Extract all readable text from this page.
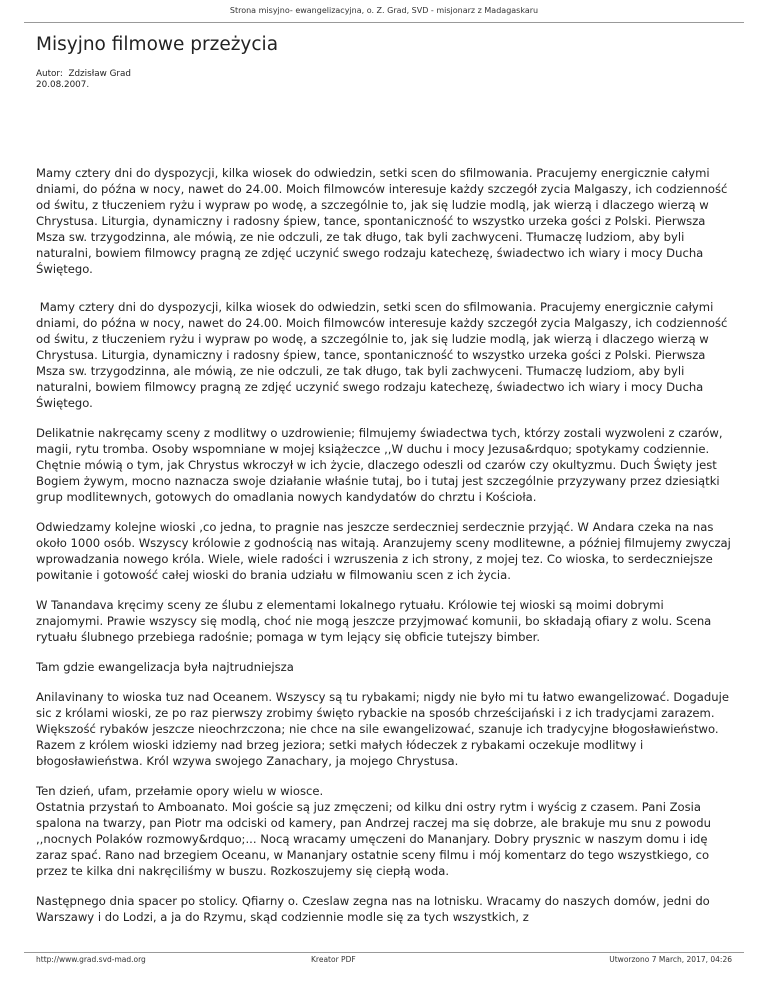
Strona misyjno- ewangelizacyjna, o. Z. Grad, SVD - misjonarz z Madagaskaru
Misyjno filmowe przeżycia
Autor:  Zdzisław Grad
20.08.2007.

Mamy cztery dni do dyspozycji, kilka wiosek do odwiedzin, setki scen do sfilmowania. Pracujemy energicznie całymi dniami, do późna w nocy, nawet do 24.00. Moich filmowców interesuje każdy szczegół zycia Malgaszy, ich codzienność od świtu, z tłuczeniem ryżu i wypraw po wodę, a szczególnie to, jak się ludzie modlą, jak wierzą i dlaczego wierzą w Chrystusa. Liturgia, dynamiczny i radosny śpiew, tance, spontaniczność to wszystko urzeka gości z Polski. Pierwsza Msza sw. trzygodzinna, ale mówią, ze nie odczuli, ze tak długo, tak byli zachwyceni. Tłumaczę ludziom, aby byli naturalni, bowiem filmowcy pragną ze zdjęć uczynić swego rodzaju katechezę, świadectwo ich wiary i mocy Ducha Świętego.

Mamy cztery dni do dyspozycji, kilka wiosek do odwiedzin, setki scen do sfilmowania. Pracujemy energicznie całymi dniami, do późna w nocy, nawet do 24.00. Moich filmowców interesuje każdy szczegół zycia Malgaszy, ich codzienność od świtu, z tłuczeniem ryżu i wypraw po wodę, a szczególnie to, jak się ludzie modlą, jak wierzą i dlaczego wierzą w Chrystusa. Liturgia, dynamiczny i radosny śpiew, tance, spontaniczność to wszystko urzeka gości z Polski. Pierwsza Msza sw. trzygodzinna, ale mówią, ze nie odczuli, ze tak długo, tak byli zachwyceni. Tłumaczę ludziom, aby byli naturalni, bowiem filmowcy pragną ze zdjęć uczynić swego rodzaju katechezę, świadectwo ich wiary i mocy Ducha Świętego.

Delikatnie nakręcamy sceny z modlitwy o uzdrowienie; filmujemy świadectwa tych, którzy zostali wyzwoleni z czarów, magii, rytu tromba. Osoby wspomniane w mojej książeczce ,,W duchu i mocy Jezusa&rdquo; spotykamy codziennie. Chętnie mówią o tym, jak Chrystus wkroczył w ich życie, dlaczego odeszli od czarów czy okultyzmu. Duch Święty jest Bogiem żywym, mocno naznacza swoje działanie właśnie tutaj, bo i tutaj jest szczególnie przyzywany przez dziesiątki grup modlitewnych, gotowych do omadlania nowych kandydatów do chrztu i Kościoła.

Odwiedzamy kolejne wioski ,co jedna, to pragnie nas jeszcze serdeczniej serdecznie przyjąć. W Andara czeka na nas około 1000 osób. Wszyscy królowie z godnością nas witają. Aranzujemy sceny modlitewne, a później filmujemy zwyczaj wprowadzania nowego króla. Wiele, wiele radości i wzruszenia z ich strony, z mojej tez. Co wioska, to serdeczniejsze powitanie i gotowość całej wioski do brania udziału w filmowaniu scen z ich życia.

W Tanandava kręcimy sceny ze ślubu z elementami lokalnego rytuału. Królowie tej wioski są moimi dobrymi znajomymi. Prawie wszyscy się modlą, choć nie mogą jeszcze przyjmować komunii, bo składają ofiary z wolu. Scena rytuału ślubnego przebiega radośnie; pomaga w tym lejący się obficie tutejszy bimber.

Tam gdzie ewangelizacja była najtrudniejsza

Anilavinany to wioska tuz nad Oceanem. Wszyscy są tu rybakami; nigdy nie było mi tu łatwo ewangelizować. Dogaduje sic z królami wioski, ze po raz pierwszy zrobimy święto rybackie na sposób chrześcijański i z ich tradycjami zarazem. Większość rybaków jeszcze nieochrzczona; nie chce na sile ewangelizować, szanuje ich tradycyjne błogosławieństwo. Razem z królem wioski idziemy nad brzeg jeziora; setki małych łódeczek z rybakami oczekuje modlitwy i błogosławieństwa. Król wzywa swojego Zanachary, ja mojego Chrystusa.

Ten dzień, ufam, przełamie opory wielu w wiosce.
Ostatnia przystań to Amboanato. Moi goście są juz zmęczeni; od kilku dni ostry rytm i wyścig z czasem. Pani Zosia spalona na twarzy, pan Piotr ma odciski od kamery, pan Andrzej raczej ma się dobrze, ale brakuje mu snu z powodu ,,nocnych Polaków rozmowy&rdquo;... Nocą wracamy umęczeni do Mananjary. Dobry prysznic w naszym domu i idę zaraz spać. Rano nad brzegiem Oceanu, w Mananjary ostatnie sceny filmu i mój komentarz do tego wszystkiego, co przez te kilka dni nakręciliśmy w buszu. Rozkoszujemy się ciepłą woda.

Następnego dnia spacer po stolicy. Qfiarny o. Czeslaw zegna nas na lotnisku. Wracamy do naszych domów, jedni do Warszawy i do Lodzi, a ja do Rzymu, skąd codziennie modle się za tych wszystkich, z

http://www.grad.svd-mad.org	Kreator PDF	Utworzono 7 March, 2017, 04:26
